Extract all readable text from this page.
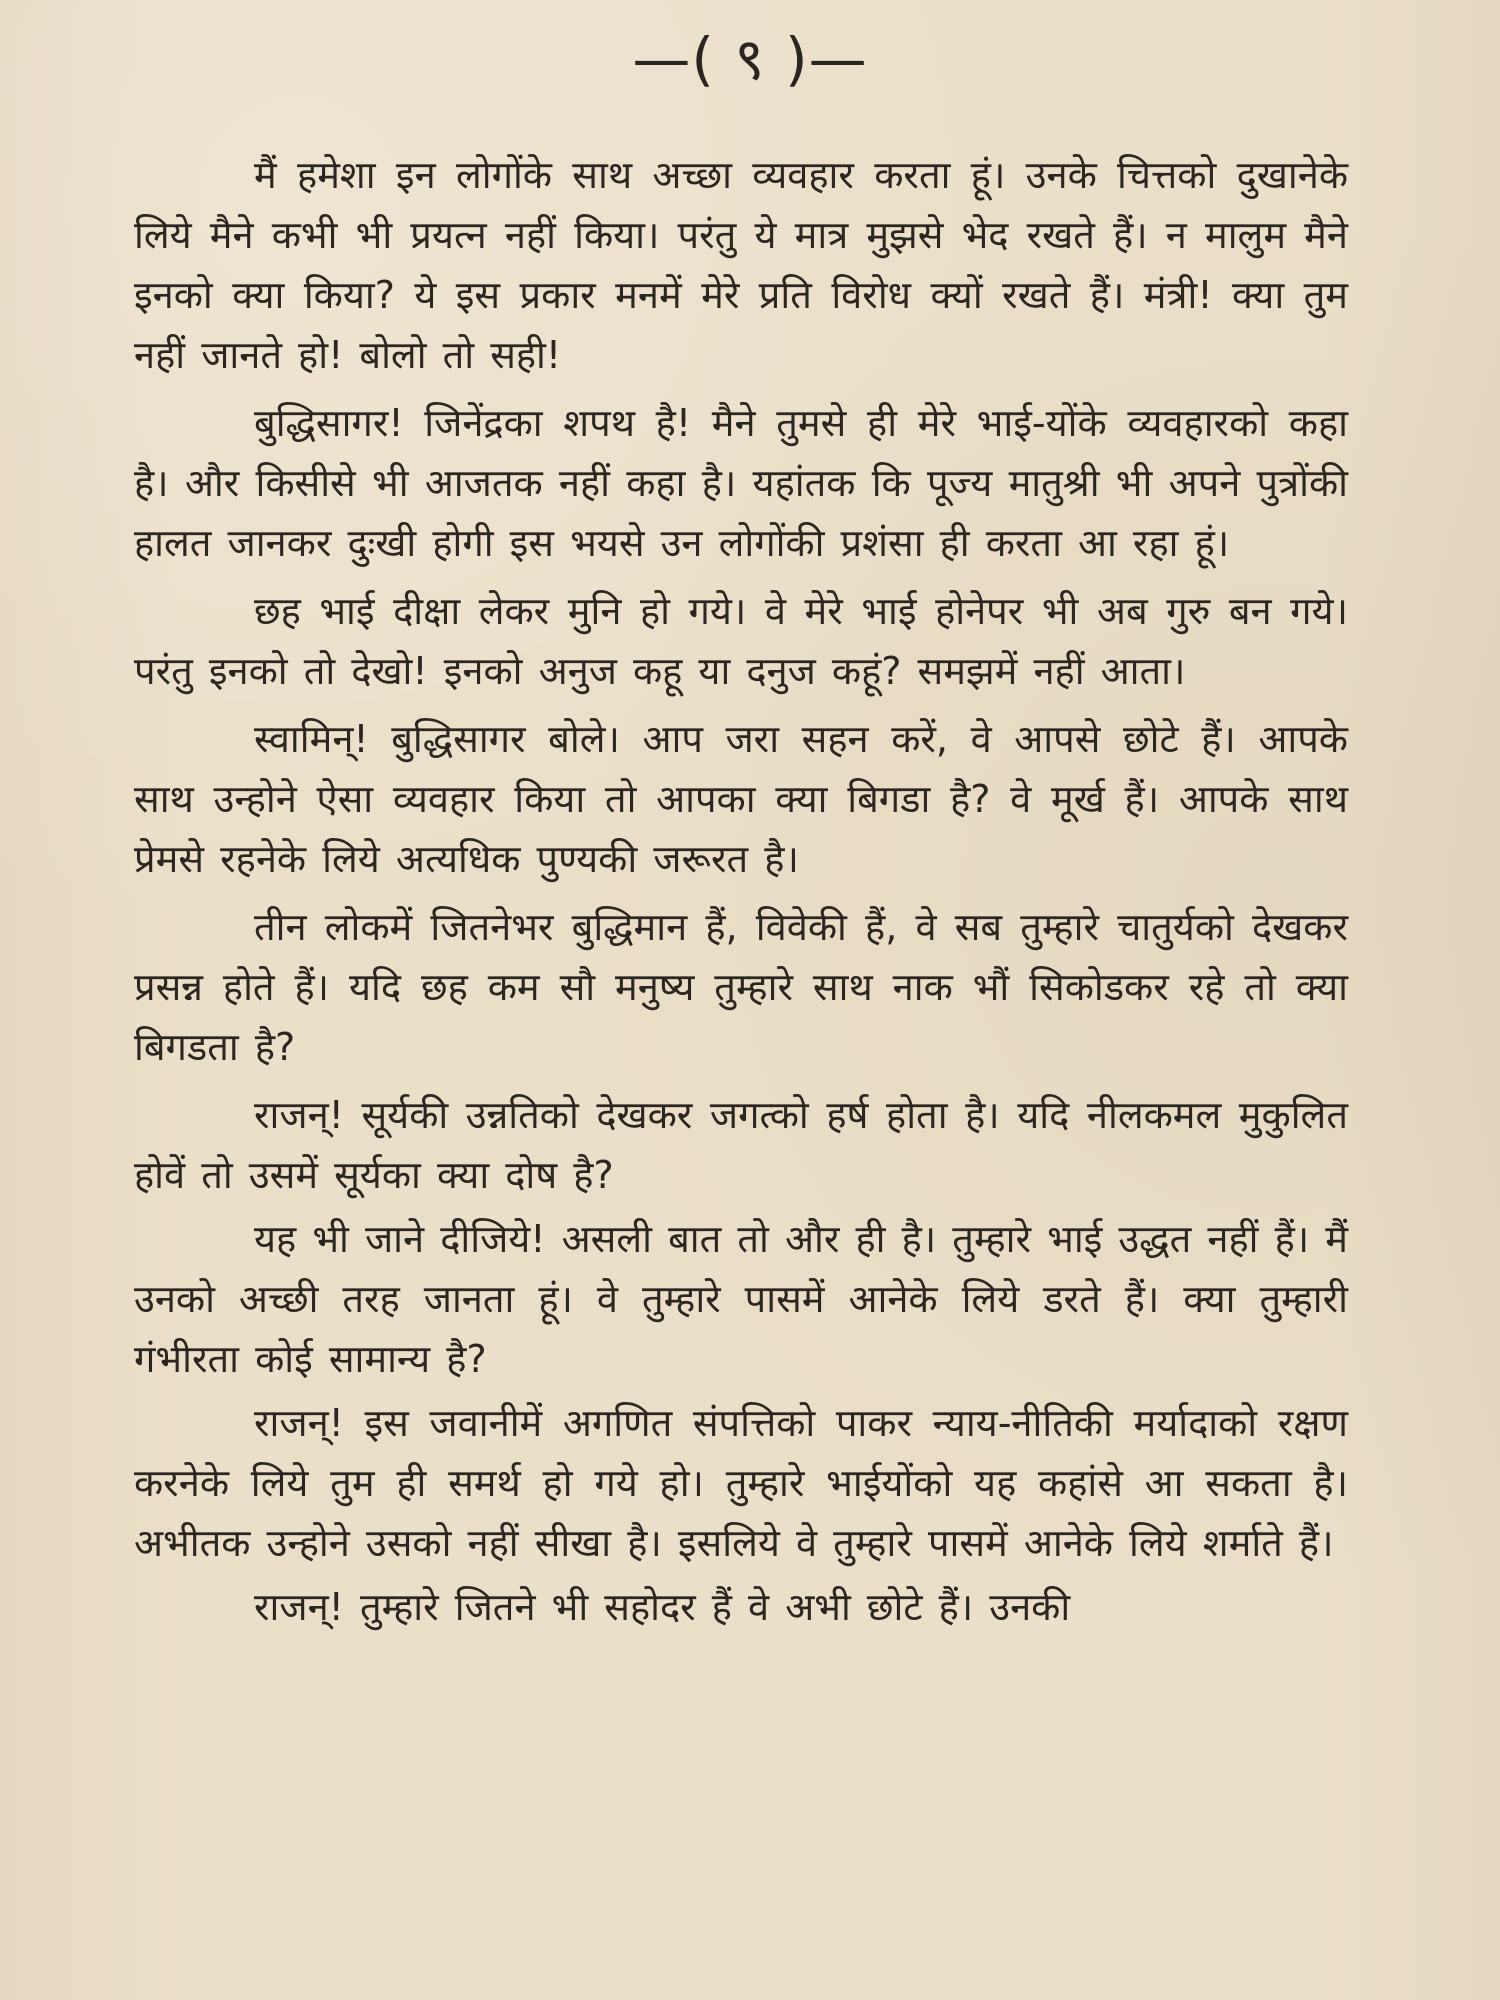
—( ९ )—

मैं हमेशा इन लोगोंके साथ अच्छा व्यवहार करता हूं। उनके चित्तको दुखानेके लिये मैने कभी भी प्रयत्न नहीं किया। परंतु ये मात्र मुझसे भेद रखते हैं। न मालुम मैने इनको क्या किया? ये इस प्रकार मनमें मेरे प्रति विरोध क्यों रखते हैं। मंत्री! क्या तुम नहीं जानते हो! बोलो तो सही!

बुद्धिसागर! जिनेंद्रका शपथ है! मैने तुमसे ही मेरे भाई-योंके व्यवहारको कहा है। और किसीसे भी आजतक नहीं कहा है। यहांतक कि पूज्य मातुश्री भी अपने पुत्रोंकी हालत जानकर दुःखी होगी इस भयसे उन लोगोंकी प्रशंसा ही करता आ रहा हूं।

छह भाई दीक्षा लेकर मुनि हो गये। वे मेरे भाई होनेपर भी अब गुरु बन गये। परंतु इनको तो देखो! इनको अनुज कहू या दनुज कहूं? समझमें नहीं आता।

स्वामिन्! बुद्धिसागर बोले। आप जरा सहन करें, वे आपसे छोटे हैं। आपके साथ उन्होने ऐसा व्यवहार किया तो आपका क्या बिगडा है? वे मूर्ख हैं। आपके साथ प्रेमसे रहनेके लिये अत्यधिक पुण्यकी जरूरत है।

तीन लोकमें जितनेभर बुद्धिमान हैं, विवेकी हैं, वे सब तुम्हारे चातुर्यको देखकर प्रसन्न होते हैं। यदि छह कम सौ मनुष्य तुम्हारे साथ नाक भौं सिकोडकर रहे तो क्या बिगडता है?

राजन्! सूर्यकी उन्नतिको देखकर जगत्को हर्ष होता है। यदि नीलकमल मुकुलित होवें तो उसमें सूर्यका क्या दोष है?

यह भी जाने दीजिये! असली बात तो और ही है। तुम्हारे भाई उद्धत नहीं हैं। मैं उनको अच्छी तरह जानता हूं। वे तुम्हारे पासमें आनेके लिये डरते हैं। क्या तुम्हारी गंभीरता कोई सामान्य है?

राजन्! इस जवानीमें अगणित संपत्तिको पाकर न्याय-नीतिकी मर्यादाको रक्षण करनेके लिये तुम ही समर्थ हो गये हो। तुम्हारे भाईयोंको यह कहांसे आ सकता है। अभीतक उन्होने उसको नहीं सीखा है। इसलिये वे तुम्हारे पासमें आनेके लिये शर्माते हैं।

राजन्! तुम्हारे जितने भी सहोदर हैं वे अभी छोटे हैं। उनकी
